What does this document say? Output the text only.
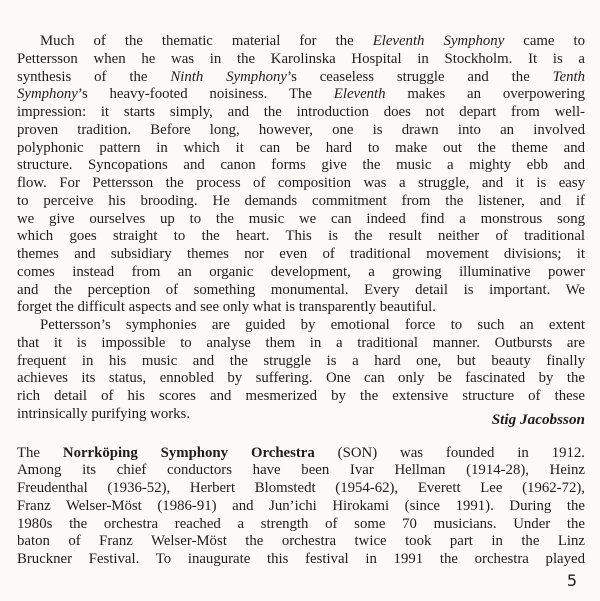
Much of the thematic material for the Eleventh Symphony came to
Pettersson when he was in the Karolinska Hospital in Stockholm. It is a
synthesis of the Ninth Symphony’s ceaseless struggle and the Tenth
Symphony’s heavy-footed noisiness. The Eleventh makes an overpowering
impression: it starts simply, and the introduction does not depart from well-
proven tradition. Before long, however, one is drawn into an involved
polyphonic pattern in which it can be hard to make out the theme and
structure. Syncopations and canon forms give the music a mighty ebb and
flow. For Pettersson the process of composition was a struggle, and it is easy
to perceive his brooding. He demands commitment from the listener, and if
we give ourselves up to the music we can indeed find a monstrous song
which goes straight to the heart. This is the result neither of traditional
themes and subsidiary themes nor even of traditional movement divisions; it
comes instead from an organic development, a growing illuminative power
and the perception of something monumental. Every detail is important. We
forget the difficult aspects and see only what is transparently beautiful.
Pettersson’s symphonies are guided by emotional force to such an extent
that it is impossible to analyse them in a traditional manner. Outbursts are
frequent in his music and the struggle is a hard one, but beauty finally
achieves its status, ennobled by suffering. One can only be fascinated by the
rich detail of his scores and mesmerized by the extensive structure of these
intrinsically purifying works.	Stig Jacobsson
The Norrköping Symphony Orchestra (SON) was founded in 1912.
Among its chief conductors have been Ivar Hellman (1914-28), Heinz
Freudenthal (1936-52), Herbert Blomstedt (1954-62), Everett Lee (1962-72),
Franz Welser-Möst (1986-91) and Jun’ichi Hirokami (since 1991). During the
1980s the orchestra reached a strength of some 70 musicians. Under the
baton of Franz Welser-Möst the orchestra twice took part in the Linz
Bruckner Festival. To inaugurate this festival in 1991 the orchestra played
5
